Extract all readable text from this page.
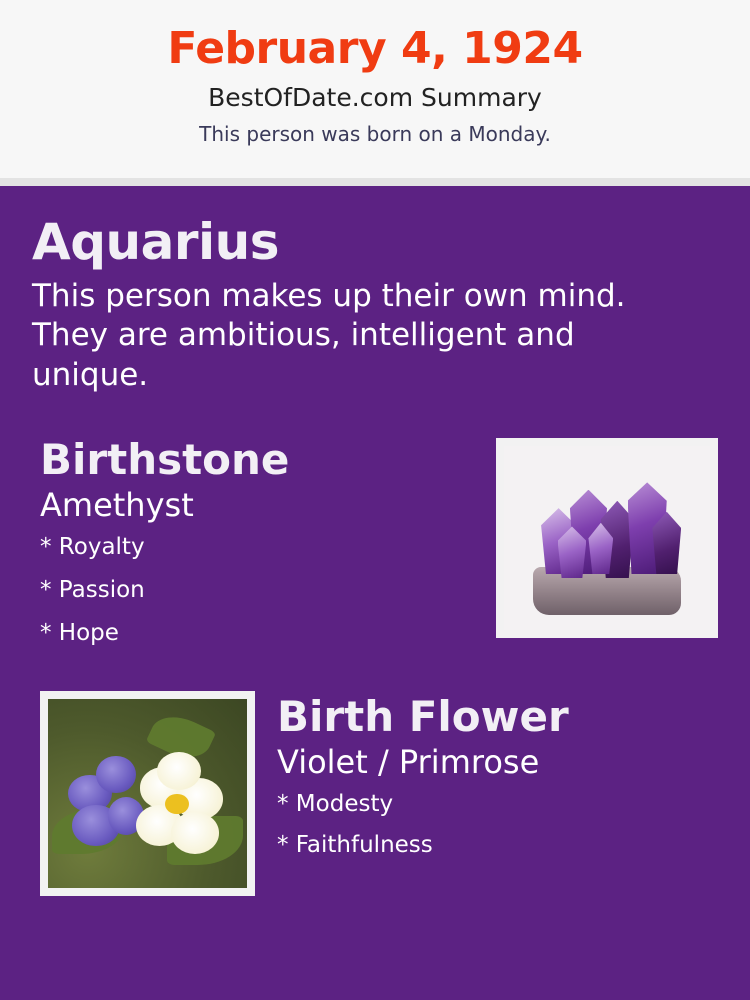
February 4, 1924
BestOfDate.com Summary
This person was born on a Monday.
Aquarius
This person makes up their own mind. They are ambitious, intelligent and unique.
Birthstone
Amethyst
* Royalty
* Passion
* Hope
Birth Flower
Violet / Primrose
* Modesty
* Faithfulness
